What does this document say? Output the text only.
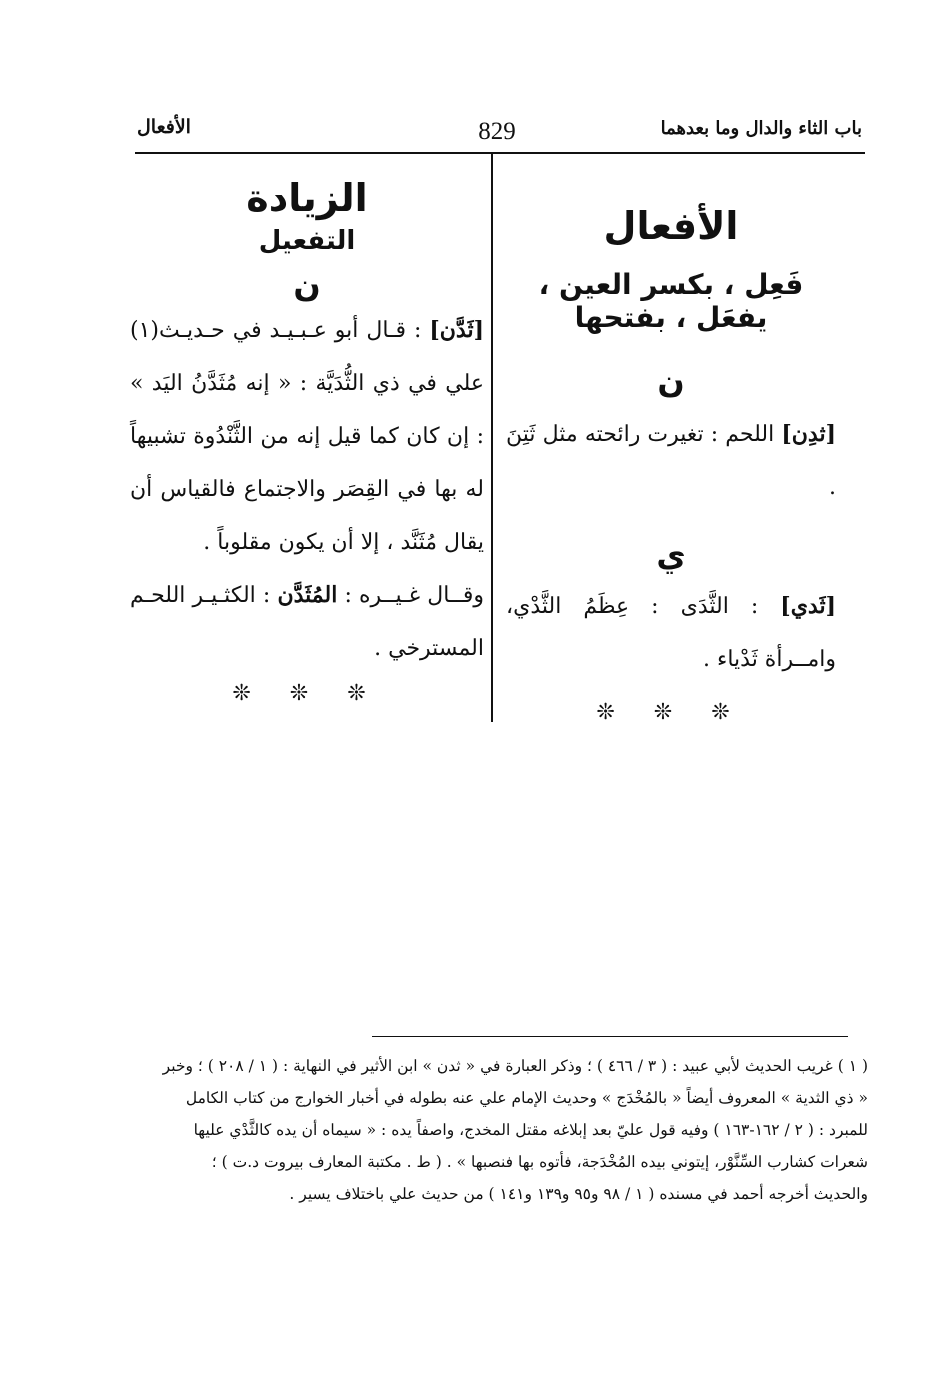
الأفعال	829	باب الثاء والدال وما بعدهما
الأفعال
فَعِل ، بكسر العين ، يفعَل ، بفتحها
ن
[ثدِن] اللحم : تغيرت رائحته مثل ثَتِنَ .
ي
[ثَدي] : الثَّدَى : عِظَمُ الثَّدْي، وامــرأة ثَدْياء .
❊ ❊ ❊
الزيادة
التفعيل
ن
[ثَدَّن] : قـال أبو عـبـيـد في حـديـث(١) علي في ذي الثُّدَيَّة : « إنه مُثَدَّنُ اليَد » : إن كان كما قيل إنه من الثَّنْدُوة تشبيهاً له بها في القِصَر والاجتماع فالقياس أن يقال مُثَنَّد ، إلا أن يكون مقلوباً .
وقــال غـيــره : المُثَدَّن : الكثـيـر اللحـم المسترخي .
❊ ❊ ❊

( ١ ) غريب الحديث لأبي عبيد : ( ٣ / ٤٦٦ ) ؛ وذكر العبارة في « ثدن » ابن الأثير في النهاية : ( ١ / ٢٠٨ ) ؛ وخبر

« ذي الثدية » المعروف أيضاً « بالمُخْدَج » وحديث الإمام علي عنه بطوله في أخبار الخوارج من كتاب الكامل

للمبرد : ( ٢ / ١٦٢-١٦٣ ) وفيه قول عليّ بعد إبلاغه مقتل المخدج، واصفاً يده : « سيماه أن يده كالثَّدْي عليها

شعرات كشارب السِّنَّوْر، إيتوني بيده المُخْدَجة، فأتوه بها فنصبها » . ( ط . مكتبة المعارف بيروت د.ت ) ؛

والحديث أخرجه أحمد في مسنده ( ١ / ٩٨ و٩٥ و١٣٩ و١٤١ ) من حديث علي باختلاف يسير .
